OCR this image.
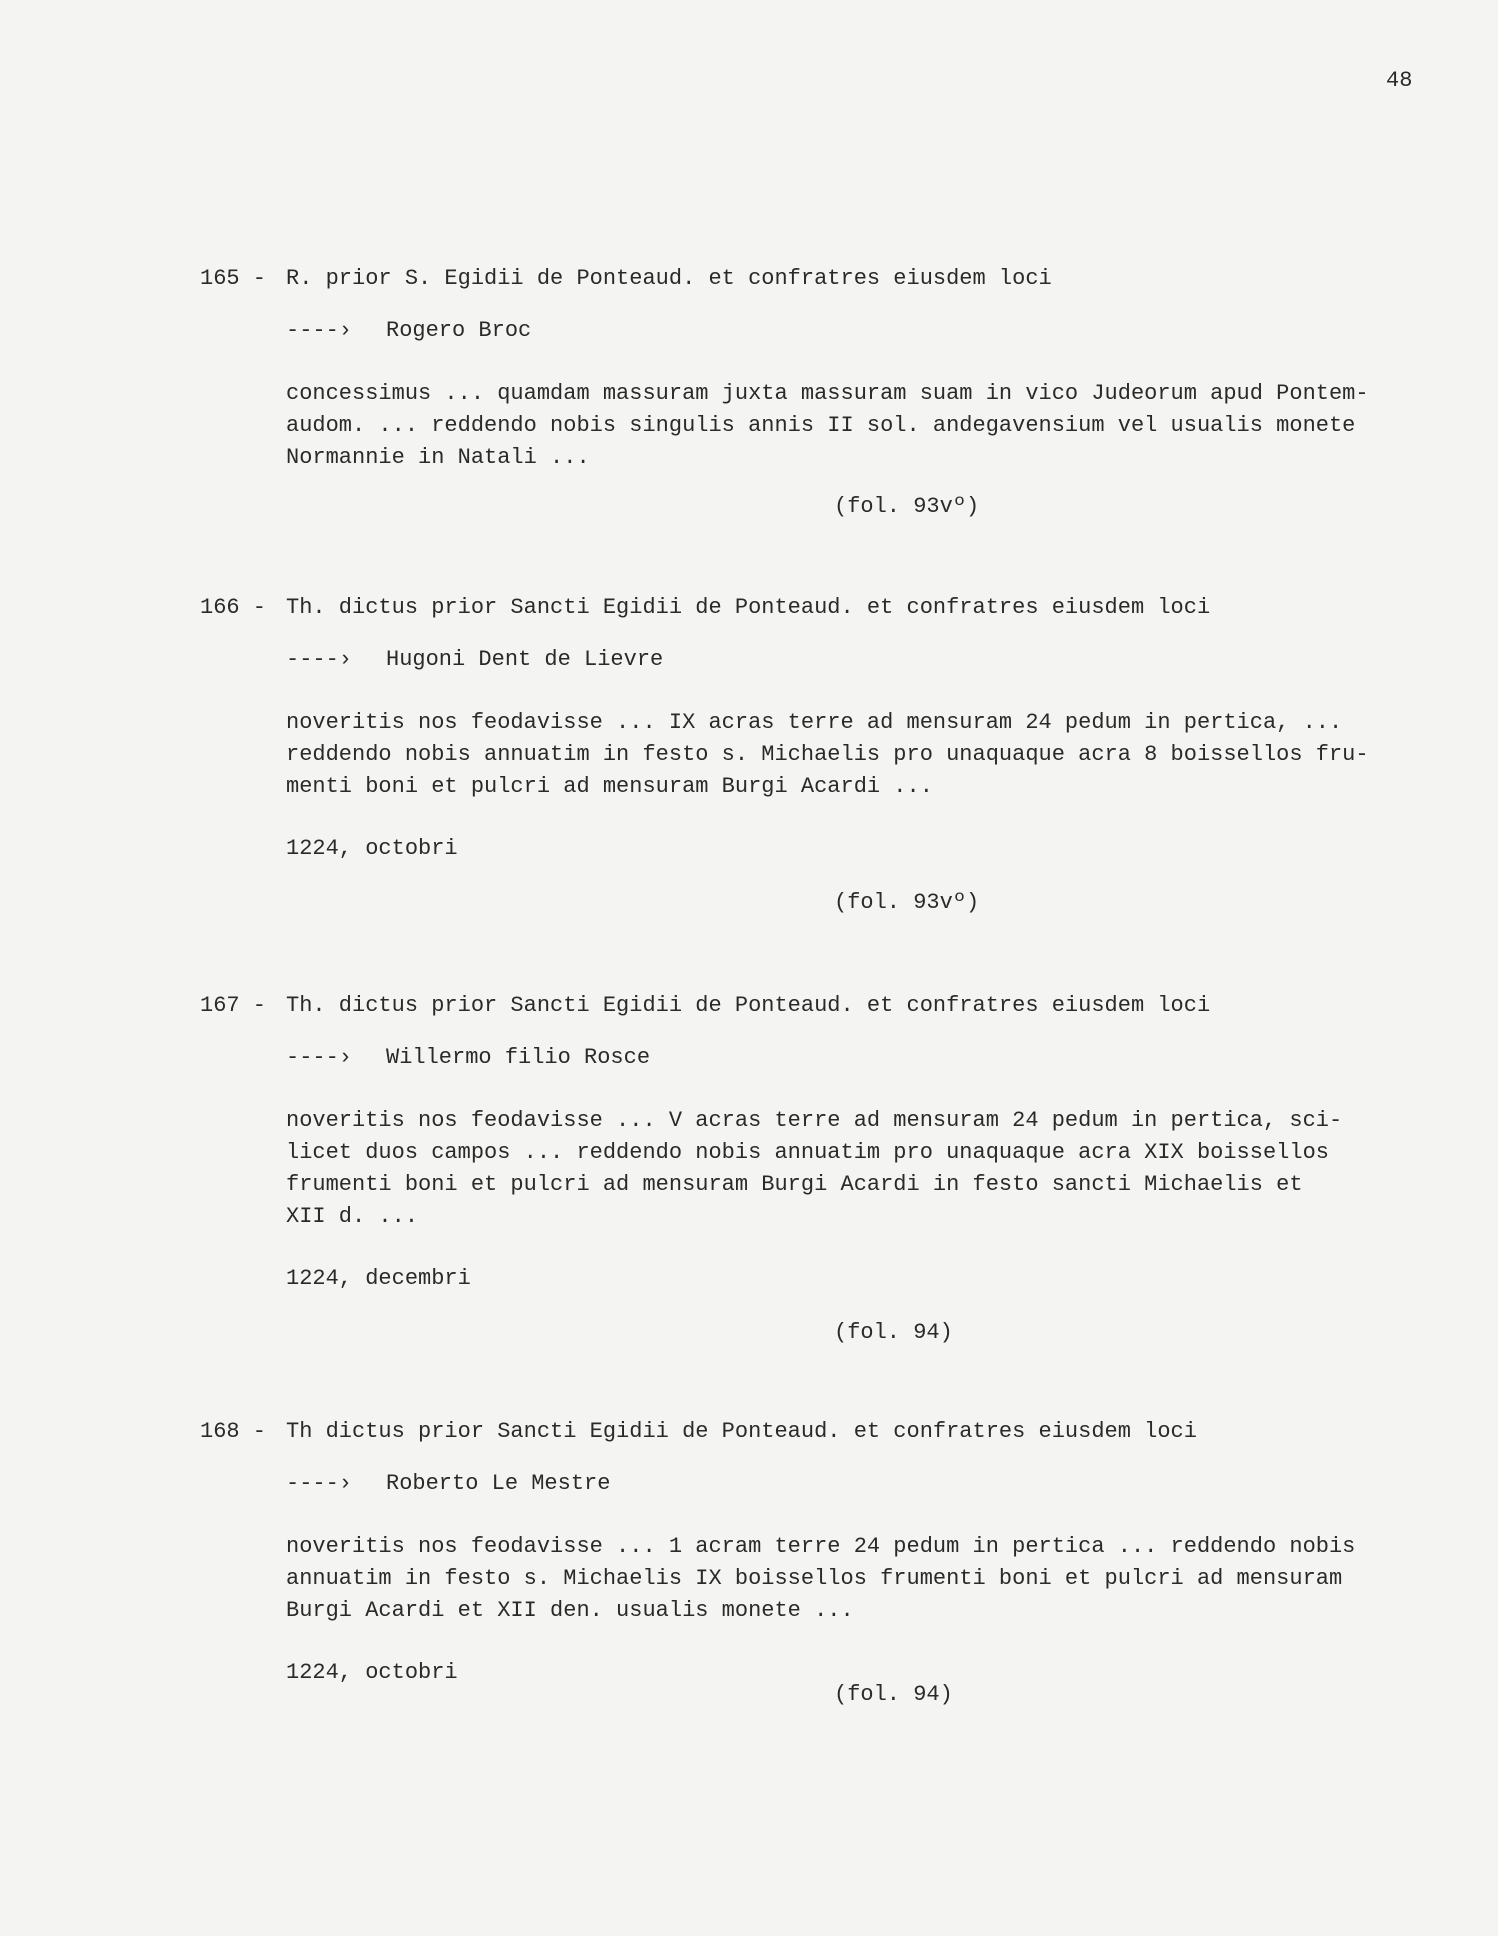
48
165 - R. prior S. Egidii de Ponteaud. et confratres eiusdem loci
----› Rogero Broc
concessimus ... quamdam massuram juxta massuram suam in vico Judeorum apud Pontem-
audom. ... reddendo nobis singulis annis II sol. andegavensium vel usualis monete
Normannie in Natali ...
(fol. 93vº)
166 - Th. dictus prior Sancti Egidii de Ponteaud. et confratres eiusdem loci
----› Hugoni Dent de Lievre
noveritis nos feodavisse ... IX acras terre ad mensuram 24 pedum in pertica, ...
reddendo nobis annuatim in festo s. Michaelis pro unaquaque acra 8 boissellos fru-
menti boni et pulcri ad mensuram Burgi Acardi ...
1224, octobri
(fol. 93vº)
167 - Th. dictus prior Sancti Egidii de Ponteaud. et confratres eiusdem loci
----› Willermo filio Rosce
noveritis nos feodavisse ... V acras terre ad mensuram 24 pedum in pertica, sci-
licet duos campos ... reddendo nobis annuatim pro unaquaque acra XIX boissellos
frumenti boni et pulcri ad mensuram Burgi Acardi in festo sancti Michaelis et
XII d. ...
1224, decembri
(fol. 94)
168 - Th dictus prior Sancti Egidii de Ponteaud. et confratres eiusdem loci
----› Roberto Le Mestre
noveritis nos feodavisse ... 1 acram terre 24 pedum in pertica ... reddendo nobis
annuatim in festo s. Michaelis IX boissellos frumenti boni et pulcri ad mensuram
Burgi Acardi et XII den. usualis monete ...
1224, octobri
(fol. 94)
